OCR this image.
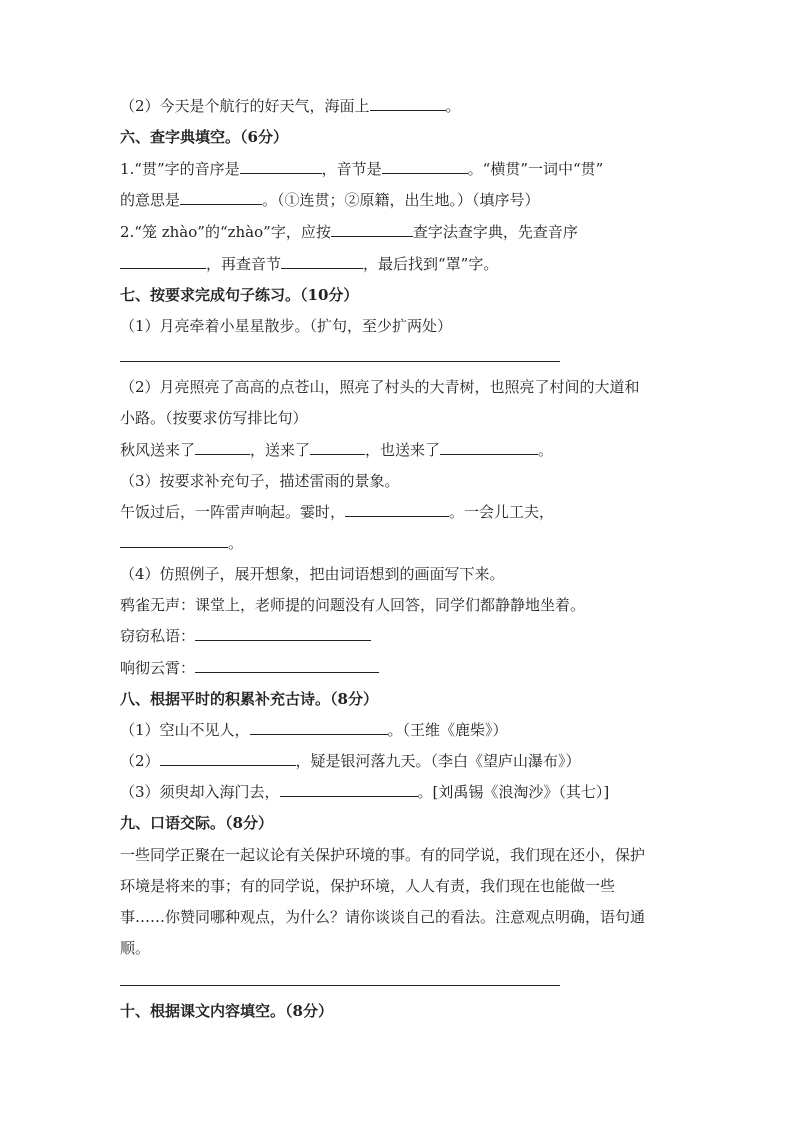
（2）今天是个航行的好天气，海面上	。
六、查字典填空。（6分）
1.“贯”字的音序是	，音节是	。“横贯”一词中“贯”
的意思是	。（①连贯；②原籍，出生地。）（填序号）
2.“笼 zhào”的“zhào”字，应按	查字法查字典，先查音序
，再查音节	，最后找到“罩”字。
七、按要求完成句子练习。（10分）
（1）月亮牵着小星星散步。（扩句，至少扩两处）
（2）月亮照亮了高高的点苍山，照亮了村头的大青树，也照亮了村间的大道和
小路。（按要求仿写排比句）
秋风送来了	，送来了	，也送来了	。
（3）按要求补充句子，描述雷雨的景象。
午饭过后，一阵雷声响起。霎时，	。一会儿工夫，
。
（4）仿照例子，展开想象，把由词语想到的画面写下来。
鸦雀无声：课堂上，老师提的问题没有人回答，同学们都静静地坐着。
窃窃私语：
响彻云霄：
八、根据平时的积累补充古诗。（8分）
（1）空山不见人，	。（王维《鹿柴》）
（2）	，疑是银河落九天。（李白《望庐山瀑布》）
（3）须臾却入海门去，	。[刘禹锡《浪淘沙》（其七）]
九、口语交际。（8分）
一些同学正聚在一起议论有关保护环境的事。有的同学说，我们现在还小，保护
环境是将来的事；有的同学说，保护环境，人人有责，我们现在也能做一些
事……你赞同哪种观点，为什么？请你谈谈自己的看法。注意观点明确，语句通
顺。
十、根据课文内容填空。（8分）
